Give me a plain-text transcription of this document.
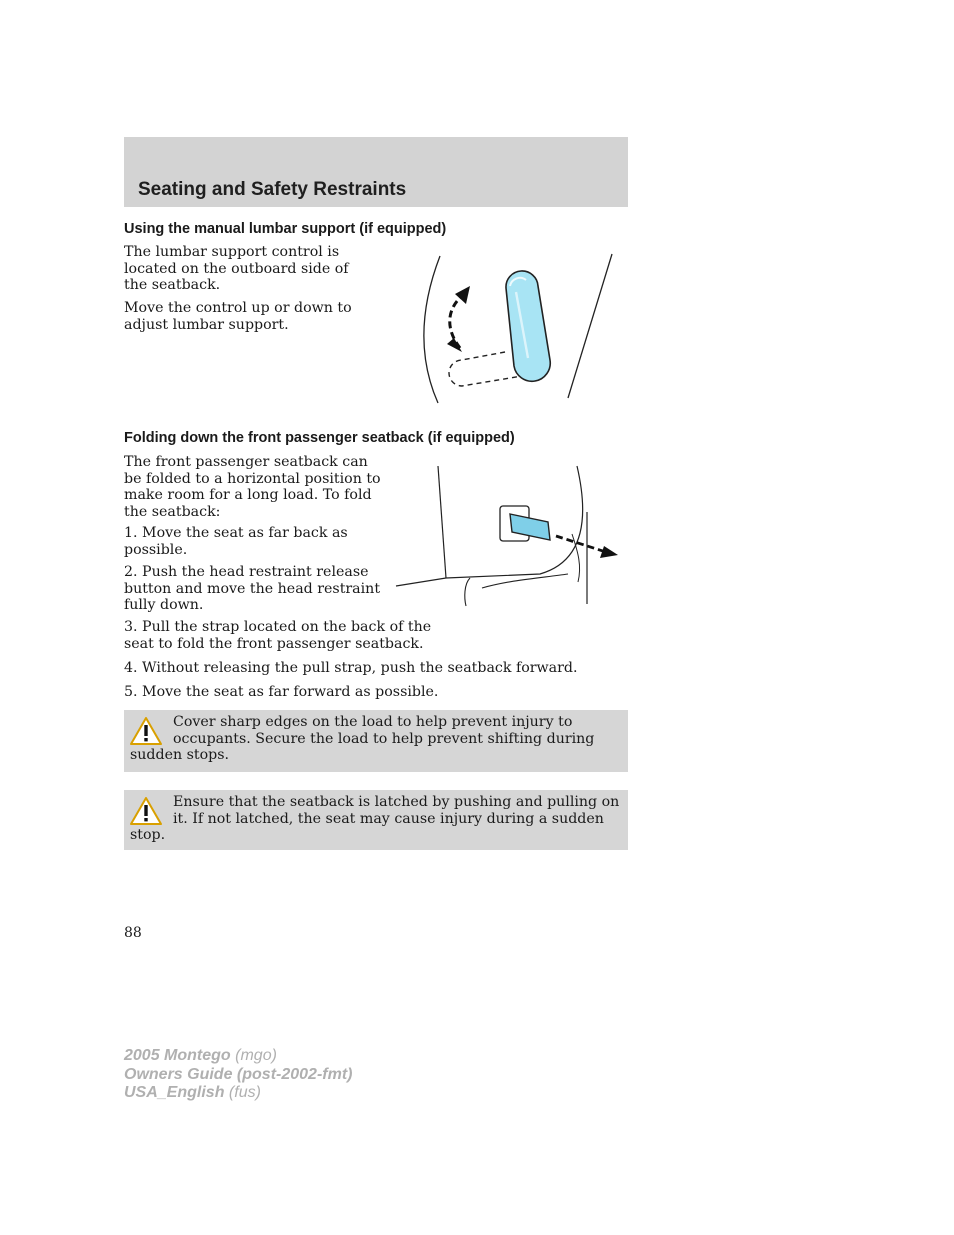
Seating and Safety Restraints
Using the manual lumbar support (if equipped)

The lumbar support control is located on the outboard side of the seatback.

Move the control up or down to adjust lumbar support.

Folding down the front passenger seatback (if equipped)

The front passenger seatback can be folded to a horizontal position to make room for a long load. To fold the seatback:

1. Move the seat as far back as possible.

2. Push the head restraint release button and move the head restraint fully down.

3. Pull the strap located on the back of the seat to fold the front passenger seatback.

4. Without releasing the pull strap, push the seatback forward.

5. Move the seat as far forward as possible.

Cover sharp edges on the load to help prevent injury to occupants. Secure the load to help prevent shifting during sudden stops.

Ensure that the seatback is latched by pushing and pulling on it. If not latched, the seat may cause injury during a sudden stop.

88

2005 Montego (mgo)
Owners Guide (post-2002-fmt)
USA_English (fus)
